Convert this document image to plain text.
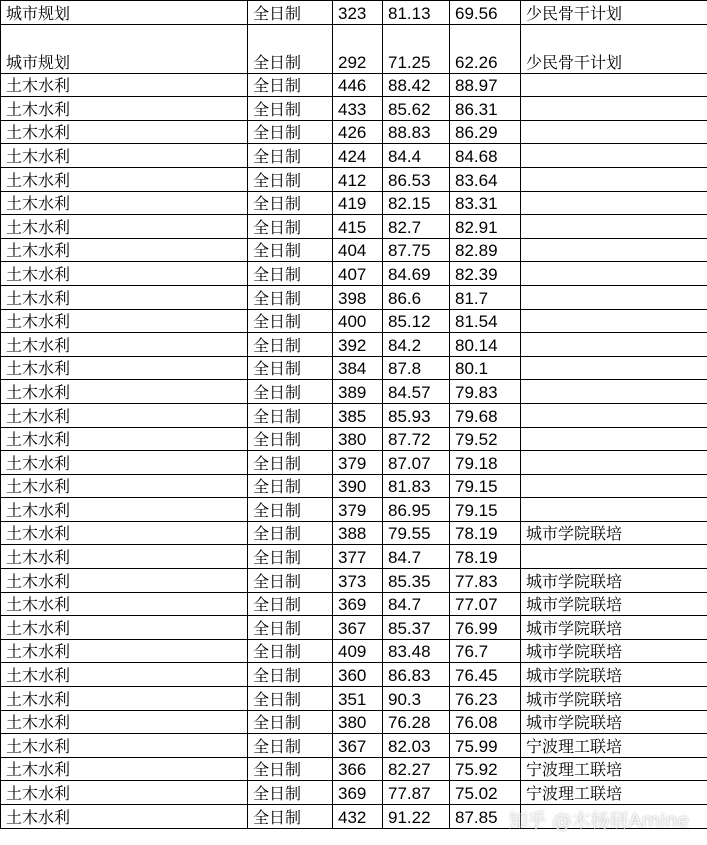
城市规划	全日制	323	81.13	69.56	少民骨干计划
城市规划	全日制	292	71.25	62.26	少民骨干计划
土木水利	全日制	446	88.42	88.97	
土木水利	全日制	433	85.62	86.31	
土木水利	全日制	426	88.83	86.29	
土木水利	全日制	424	84.4	84.68	
土木水利	全日制	412	86.53	83.64	
土木水利	全日制	419	82.15	83.31	
土木水利	全日制	415	82.7	82.91	
土木水利	全日制	404	87.75	82.89	
土木水利	全日制	407	84.69	82.39	
土木水利	全日制	398	86.6	81.7	
土木水利	全日制	400	85.12	81.54	
土木水利	全日制	392	84.2	80.14	
土木水利	全日制	384	87.8	80.1	
土木水利	全日制	389	84.57	79.83	
土木水利	全日制	385	85.93	79.68	
土木水利	全日制	380	87.72	79.52	
土木水利	全日制	379	87.07	79.18	
土木水利	全日制	390	81.83	79.15	
土木水利	全日制	379	86.95	79.15	
土木水利	全日制	388	79.55	78.19	城市学院联培
土木水利	全日制	377	84.7	78.19	
土木水利	全日制	373	85.35	77.83	城市学院联培
土木水利	全日制	369	84.7	77.07	城市学院联培
土木水利	全日制	367	85.37	76.99	城市学院联培
土木水利	全日制	409	83.48	76.7	城市学院联培
土木水利	全日制	360	86.83	76.45	城市学院联培
土木水利	全日制	351	90.3	76.23	城市学院联培
土木水利	全日制	380	76.28	76.08	城市学院联培
土木水利	全日制	367	82.03	75.99	宁波理工联培
土木水利	全日制	366	82.27	75.92	宁波理工联培
土木水利	全日制	369	77.87	75.02	宁波理工联培
土木水利	全日制	432	91.22	87.85	知乎 @木杨研Amine
